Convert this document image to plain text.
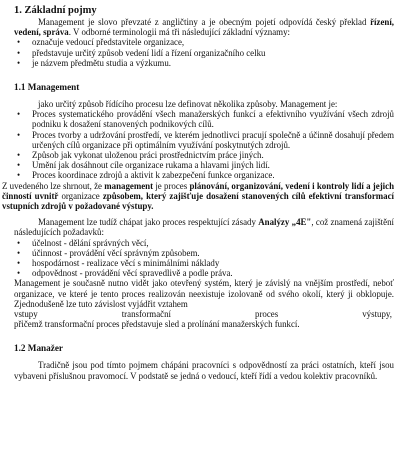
1. Základní pojmy

Management je slovo převzaté z angličtiny a je obecným pojetí odpovídá český překlad řízení, vedení, správa. V odborné terminologii má tři následující základní významy:

• označuje vedoucí představitele organizace,
• představuje určitý způsob vedení lidí a řízení organizačního celku
• je názvem předmětu studia a výzkumu.
1.1 Management

jako určitý způsob řídícího procesu lze definovat několika způsoby. Management je:

• Proces systematického provádění všech manažerských funkcí a efektivního využívání všech zdrojů podniku k dosažení stanovených podnikových cílů.
• Proces tvorby a udržování prostředí, ve kterém jednotlivci pracují společně a účinně dosahují předem určených cílů organizace při optimálním využívání poskytnutých zdrojů.
• Způsob jak vykonat uloženou práci prostřednictvím práce jiných.
• Umění jak dosáhnout cíle organizace rukama a hlavami jiných lidí.
• Proces koordinace zdrojů a aktivit k zabezpečení funkce organizace.

Z uvedeného lze shrnout, že management je proces plánování, organizování, vedení i kontroly lidí a jejich činností uvnitř organizace způsobem, který zajišťuje dosažení stanovených cílů efektivní transformací vstupních zdrojů v požadované výstupy.

Management lze tudíž chápat jako proces respektující zásady Analýzy „4E", což znamená zajištění následujících požadavků:

• účelnost - dělání správných věcí,
• účinnost - provádění věcí správným způsobem.
• hospodárnost - realizace věcí s minimálními náklady
• odpovědnost - provádění věcí spravedlivě a podle práva.

Management je současně nutno vidět jako otevřený systém, který je závislý na vnějším prostředí, neboť organizace, ve které je tento proces realizován neexistuje izolovaně od svého okolí, který ji obklopuje. Zjednodušeně lze tuto závislost vyjádřit vztahem

vstupy	transformační	proces	výstupy,

přičemž transformační proces představuje sled a prolínání manažerských funkcí.

1.2 Manažer

Tradičně jsou pod tímto pojmem chápáni pracovníci s odpovědností za práci ostatních, kteří jsou vybaveni příslušnou pravomocí. V podstatě se jedná o vedoucí, kteří řídí a vedou kolektiv pracovníků.
